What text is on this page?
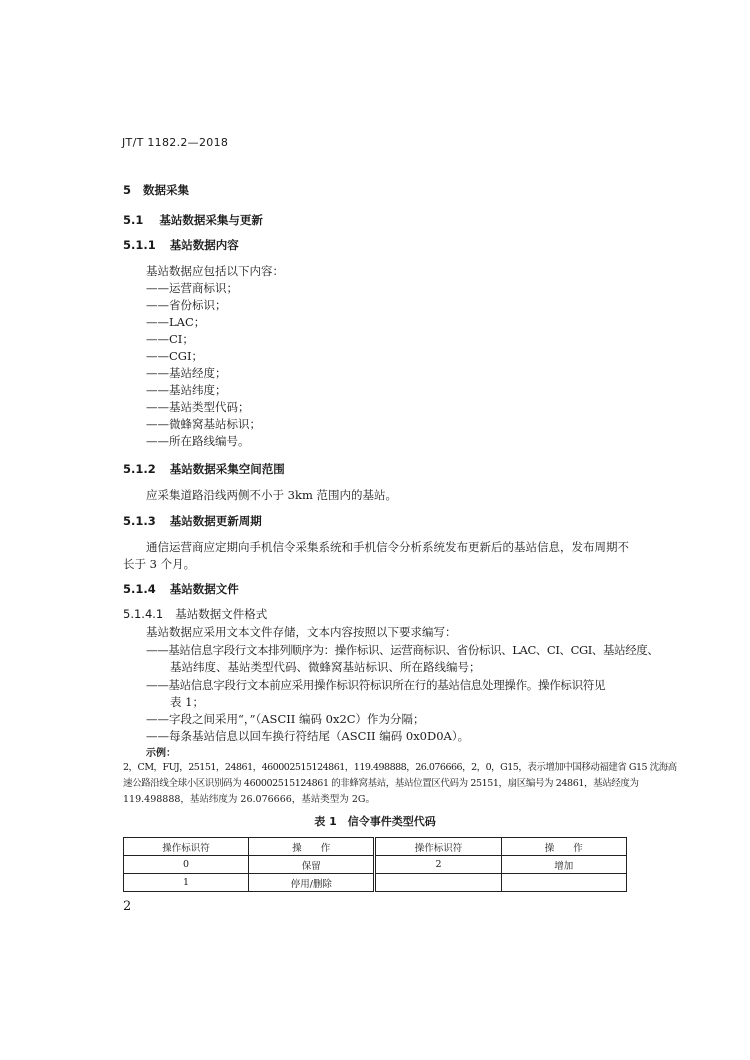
JT/T 1182.2—2018
5 数据采集
5.1 基站数据采集与更新
5.1.1 基站数据内容
基站数据应包括以下内容：
——运营商标识；
——省份标识；
——LAC；
——CI；
——CGI；
——基站经度；
——基站纬度；
——基站类型代码；
——微蜂窝基站标识；
——所在路线编号。
5.1.2 基站数据采集空间范围
应采集道路沿线两侧不小于 3km 范围内的基站。
5.1.3 基站数据更新周期
通信运营商应定期向手机信令采集系统和手机信令分析系统发布更新后的基站信息，发布周期不
长于 3 个月。
5.1.4 基站数据文件
5.1.4.1 基站数据文件格式
基站数据应采用文本文件存储，文本内容按照以下要求编写：
——基站信息字段行文本排列顺序为：操作标识、运营商标识、省份标识、LAC、CI、CGI、基站经度、
基站纬度、基站类型代码、微蜂窝基站标识、所在路线编号；
——基站信息字段行文本前应采用操作标识符标识所在行的基站信息处理操作。操作标识符见
表 1；
——字段之间采用“，”（ASCII 编码 0x2C）作为分隔；
——每条基站信息以回车换行符结尾（ASCII 编码 0x0D0A）。
示例：
2，CM，FUJ，25151，24861，460002515124861，119.498888，26.076666，2，0，G15，表示增加中国移动福建省 G15 沈海高
速公路沿线全球小区识别码为 460002515124861 的非蜂窝基站，基站位置区代码为 25151，扇区编号为 24861，基站经度为
119.498888，基站纬度为 26.076666，基站类型为 2G。
表 1　信令事件类型代码
操作标识符	操　　作	操作标识符	操　　作
0	保留	2	增加
1	停用/删除		
2
